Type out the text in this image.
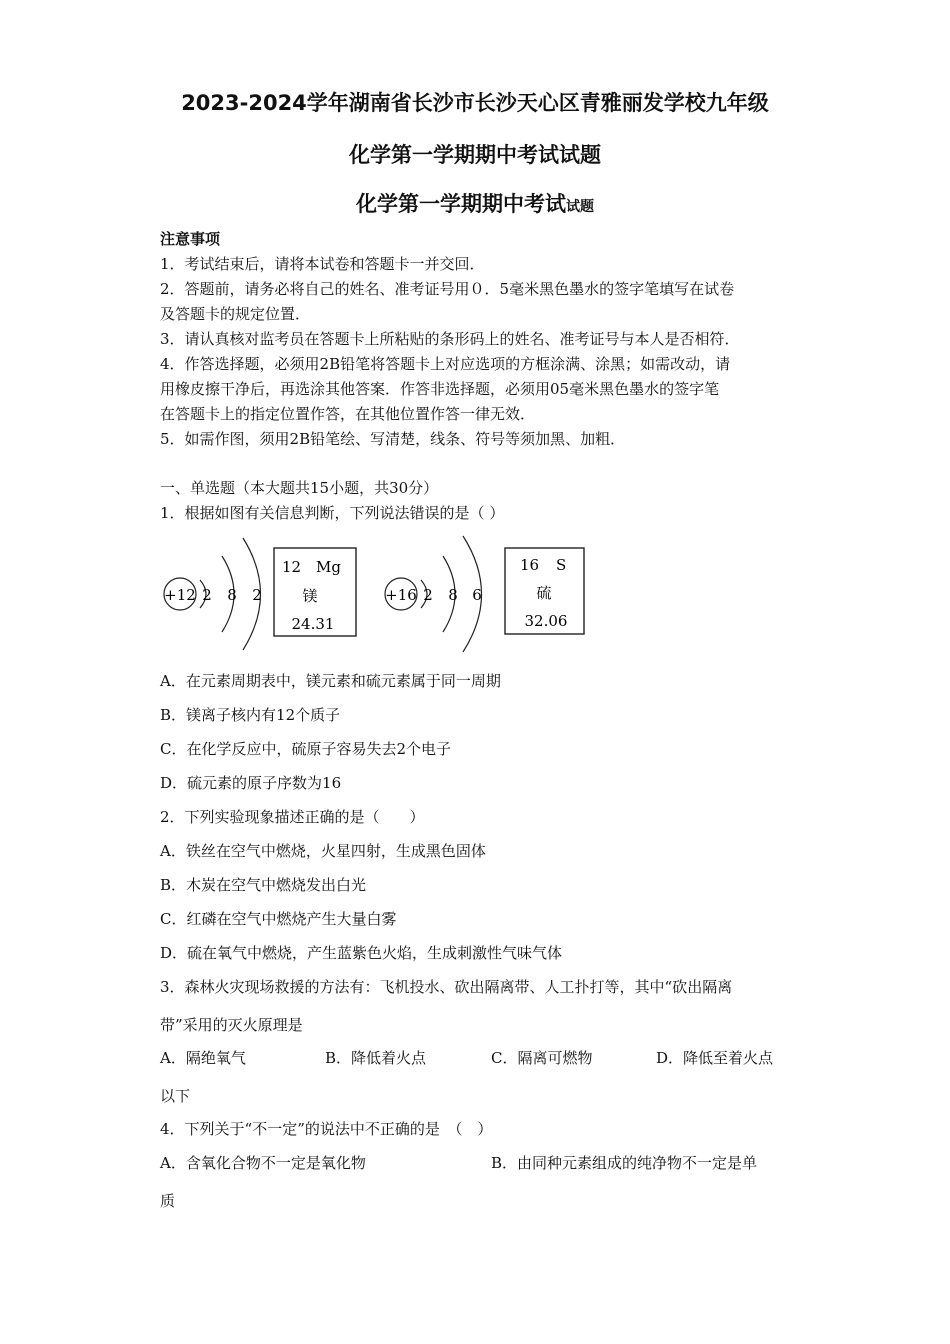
2023-2024学年湖南省长沙市长沙天心区青雅丽发学校九年级
化学第一学期期中考试试题
化学第一学期期中考试试题
注意事项
1．考试结束后，请将本试卷和答题卡一并交回．
2．答题前，请务必将自己的姓名、准考证号用０．5毫米黑色墨水的签字笔填写在试卷
及答题卡的规定位置．
3．请认真核对监考员在答题卡上所粘贴的条形码上的姓名、准考证号与本人是否相符．
4．作答选择题，必须用2B铅笔将答题卡上对应选项的方框涂满、涂黑；如需改动，请
用橡皮擦干净后，再选涂其他答案．作答非选择题，必须用05毫米黑色墨水的签字笔
在答题卡上的指定位置作答，在其他位置作答一律无效．
5．如需作图，须用2B铅笔绘、写清楚，线条、符号等须加黑、加粗．
一、单选题（本大题共15小题，共30分）
1．根据如图有关信息判断，下列说法错误的是（ ）
+12 2 8 2
12 Mg
镁
24.31
+16 2 8 6
16 S
硫
32.06
A．在元素周期表中，镁元素和硫元素属于同一周期
B．镁离子核内有12个质子
C．在化学反应中，硫原子容易失去2个电子
D．硫元素的原子序数为16
2．下列实验现象描述正确的是（　　）
A．铁丝在空气中燃烧，火星四射，生成黑色固体
B．木炭在空气中燃烧发出白光
C．红磷在空气中燃烧产生大量白雾
D．硫在氧气中燃烧，产生蓝紫色火焰，生成刺激性气味气体
3．森林火灾现场救援的方法有：飞机投水、砍出隔离带、人工扑打等，其中“砍出隔离
带”采用的灭火原理是
A．隔绝氧气	B．降低着火点	C．隔离可燃物	D．降低至着火点
以下
4．下列关于“不一定”的说法中不正确的是　（　）
A．含氧化合物不一定是氧化物	B．由同种元素组成的纯净物不一定是单
质
